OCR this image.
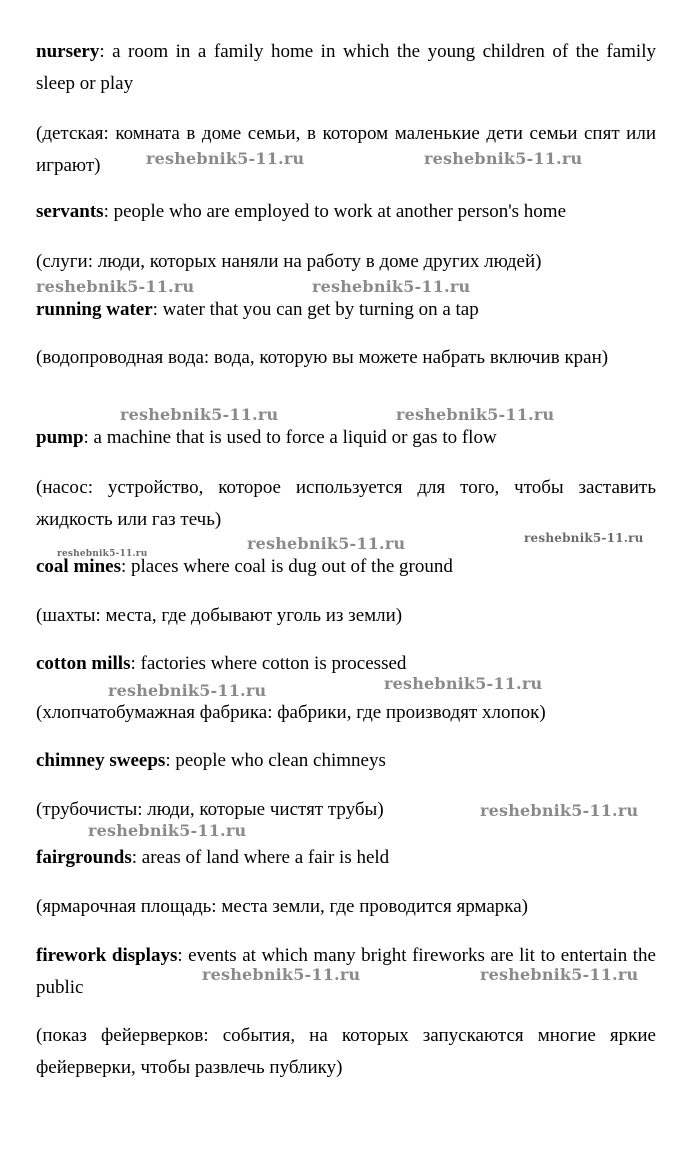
nursery: a room in a family home in which the young children of the family sleep or play

(детская: комната в доме семьи, в котором маленькие дети семьи спят или играют)

servants: people who are employed to work at another person's home

(слуги: люди, которых наняли на работу в доме других людей)

running water: water that you can get by turning on a tap

(водопроводная вода: вода, которую вы можете набрать включив кран)

pump: a machine that is used to force a liquid or gas to flow

(насос: устройство, которое используется для того, чтобы заставить жидкость или газ течь)

coal mines: places where coal is dug out of the ground

(шахты: места, где добывают уголь из земли)

cotton mills: factories where cotton is processed

(хлопчатобумажная фабрика: фабрики, где производят хлопок)

chimney sweeps: people who clean chimneys

(трубочисты: люди, которые чистят трубы)

fairgrounds: areas of land where a fair is held

(ярмарочная площадь: места земли, где проводится ярмарка)

firework displays: events at which many bright fireworks are lit to entertain the public

(показ фейерверков: события, на которых запускаются многие яркие фейерверки, чтобы развлечь публику)

reshebnik5-11.ru	reshebnik5-11.ru
reshebnik5-11.ru	reshebnik5-11.ru
reshebnik5-11.ru	reshebnik5-11.ru
reshebnik5-11.ru
reshebnik5-11.ru	reshebnik5-11.ru
reshebnik5-11.ru	reshebnik5-11.ru
reshebnik5-11.ru
reshebnik5-11.ru
reshebnik5-11.ru	reshebnik5-11.ru
